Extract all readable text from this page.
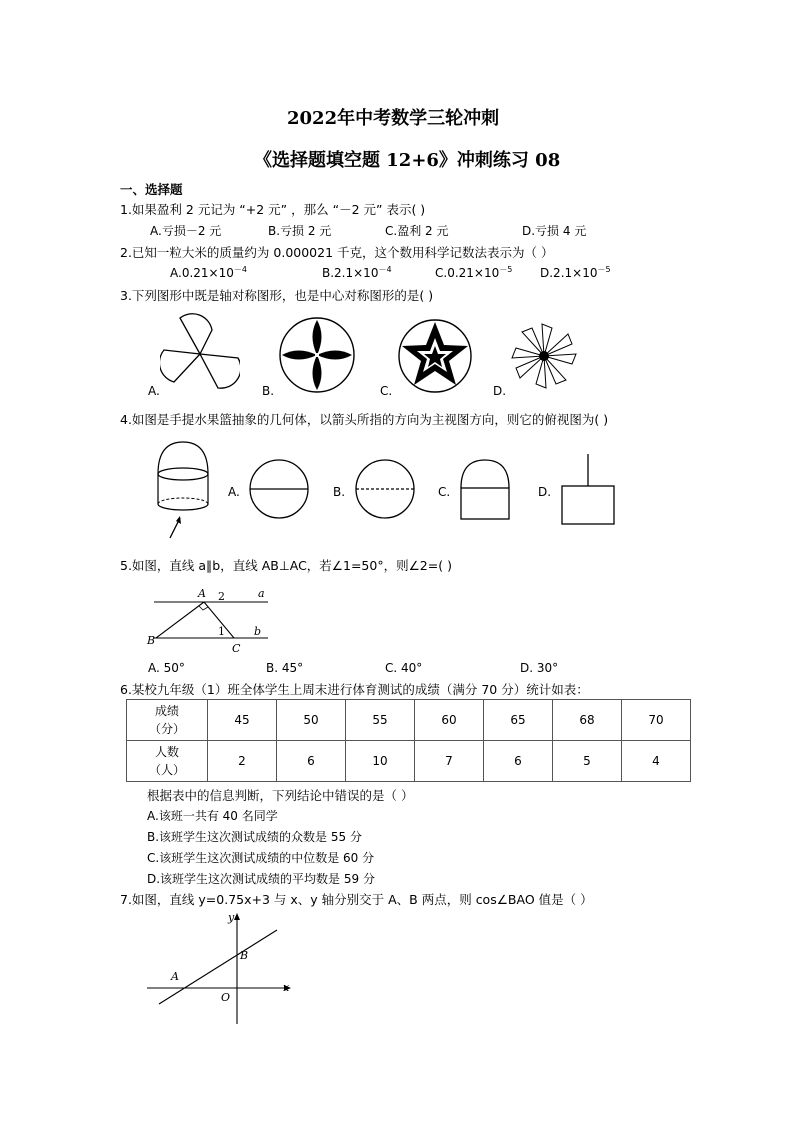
2022年中考数学三轮冲刺
《选择题填空题 12+6》冲刺练习 08
一、选择题
1.如果盈利 2 元记为 “+2 元” ，那么 “－2 元” 表示( )
A.亏损－2 元	B.亏损 2 元	C.盈利 2 元	D.亏损 4 元
2.已知一粒大米的质量约为 0.000021 千克，这个数用科学记数法表示为（ ）
$A.0.21\times 10^{-4}$	$B.2.1\times 10^{-4}$	$C.0.21\times 10^{-5}$ $D.2.1\times 10^{-5}$
3.下列图形中既是轴对称图形，也是中心对称图形的是( )
A.	B.	C.	D.
4.如图是手提水果篮抽象的几何体，以箭头所指的方向为主视图方向，则它的俯视图为( )
A.	B.	C.	D.
5.如图，直线 a∥b，直线 AB⊥AC，若∠1=50°，则∠2=( )
A
B
C
a
b
1
2
A. 50°	B. 45°	C. 40°	D. 30°
6.某校九年级（1）班全体学生上周末进行体育测试的成绩（满分 70 分）统计如表：
成绩
（分）	45	50	55	60	65	68	70
人数
（人）	2	6	10	7	6	5	4
根据表中的信息判断，下列结论中错误的是（ ）
A.该班一共有 40 名同学
B.该班学生这次测试成绩的众数是 55 分
C.该班学生这次测试成绩的中位数是 60 分
D.该班学生这次测试成绩的平均数是 59 分
7.如图，直线 y=0.75x+3 与 x、y 轴分别交于 A、B 两点，则 cos∠BAO 值是（ ）
y
x
A
B
O
